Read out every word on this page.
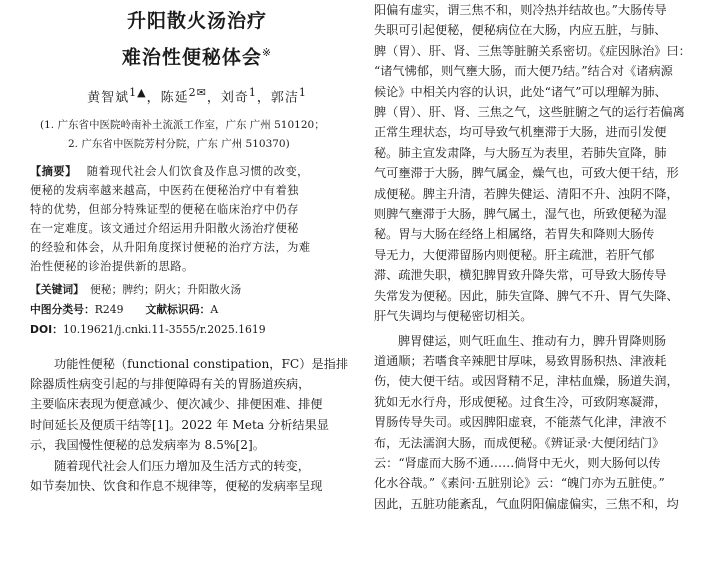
升阳散火汤治疗
难治性便秘体会※
黄智斌$^{1▲}$，陈延$^{2✉}$，刘奇$^1$，郭洁$^1$
(1. 广东省中医院岭南补土流派工作室，广东 广州 510120；
2. 广东省中医院芳村分院，广东 广州 510370)

【摘要】 随着现代社会人们饮食及作息习惯的改变，

便秘的发病率越来越高，中医药在便秘治疗中有着独

特的优势，但部分特殊证型的便秘在临床治疗中仍存

在一定难度。该文通过介绍运用升阳散火汤治疗便秘

的经验和体会，从升阳角度探讨便秘的治疗方法，为难

治性便秘的诊治提供新的思路。

【关键词】 便秘；脾约；阴火；升阳散火汤
中图分类号：R249 文献标识码：A
DOI：10.19621/j.cnki.11-3555/r.2025.1619

功能性便秘（functional constipation，FC）是指排

除器质性病变引起的与排便障碍有关的胃肠道疾病，

主要临床表现为便意减少、便次减少、排便困难、排便

时间延长及便质干结等[1]。2022 年 Meta 分析结果显

示，我国慢性便秘的总发病率为 8.5%[2]。

随着现代社会人们压力增加及生活方式的转变，

如节奏加快、饮食和作息不规律等，便秘的发病率呈现

阳偏有虚实，谓三焦不和，则冷热并结故也。”大肠传导

失职可引起便秘，便秘病位在大肠，内应五脏，与肺、

脾（胃）、肝、肾、三焦等脏腑关系密切。《症因脉治》曰：

“诸气怫郁，则气壅大肠，而大便乃结。”结合对《诸病源

候论》中相关内容的认识，此处“诸气”可以理解为肺、

脾（胃）、肝、肾、三焦之气，这些脏腑之气的运行若偏离

正常生理状态，均可导致气机壅滞于大肠，进而引发便

秘。肺主宣发肃降，与大肠互为表里，若肺失宣降，肺

气可壅滞于大肠，脾气属金，燥气也，可致大便干结，形

成便秘。脾主升清，若脾失健运、清阳不升、浊阴不降，

则脾气壅滞于大肠，脾气属土，湿气也，所致便秘为湿

秘。胃与大肠在经络上相属络，若胃失和降则大肠传

导无力，大便滞留肠内则便秘。肝主疏泄，若肝气郁

滞、疏泄失职，横犯脾胃致升降失常，可导致大肠传导

失常发为便秘。因此，肺失宣降、脾气不升、胃气失降、

肝气失调均与便秘密切相关。

脾胃健运，则气旺血生、推动有力，脾升胃降则肠

道通顺；若嗜食辛辣肥甘厚味，易致胃肠积热、津液耗

伤，使大便干结。或因肾精不足，津枯血燥，肠道失润，

犹如无水行舟，形成便秘。过食生冷，可致阴寒凝滞，

胃肠传导失司。或因脾阳虚衰，不能蒸气化津，津液不

布，无法濡润大肠，而成便秘。《辨证录·大便闭结门》

云：“肾虚而大肠不通……倘肾中无火，则大肠何以传

化水谷哉。”《素问·五脏别论》云：“魄门亦为五脏使。”

因此，五脏功能紊乱，气血阴阳偏虚偏实，三焦不和，均
